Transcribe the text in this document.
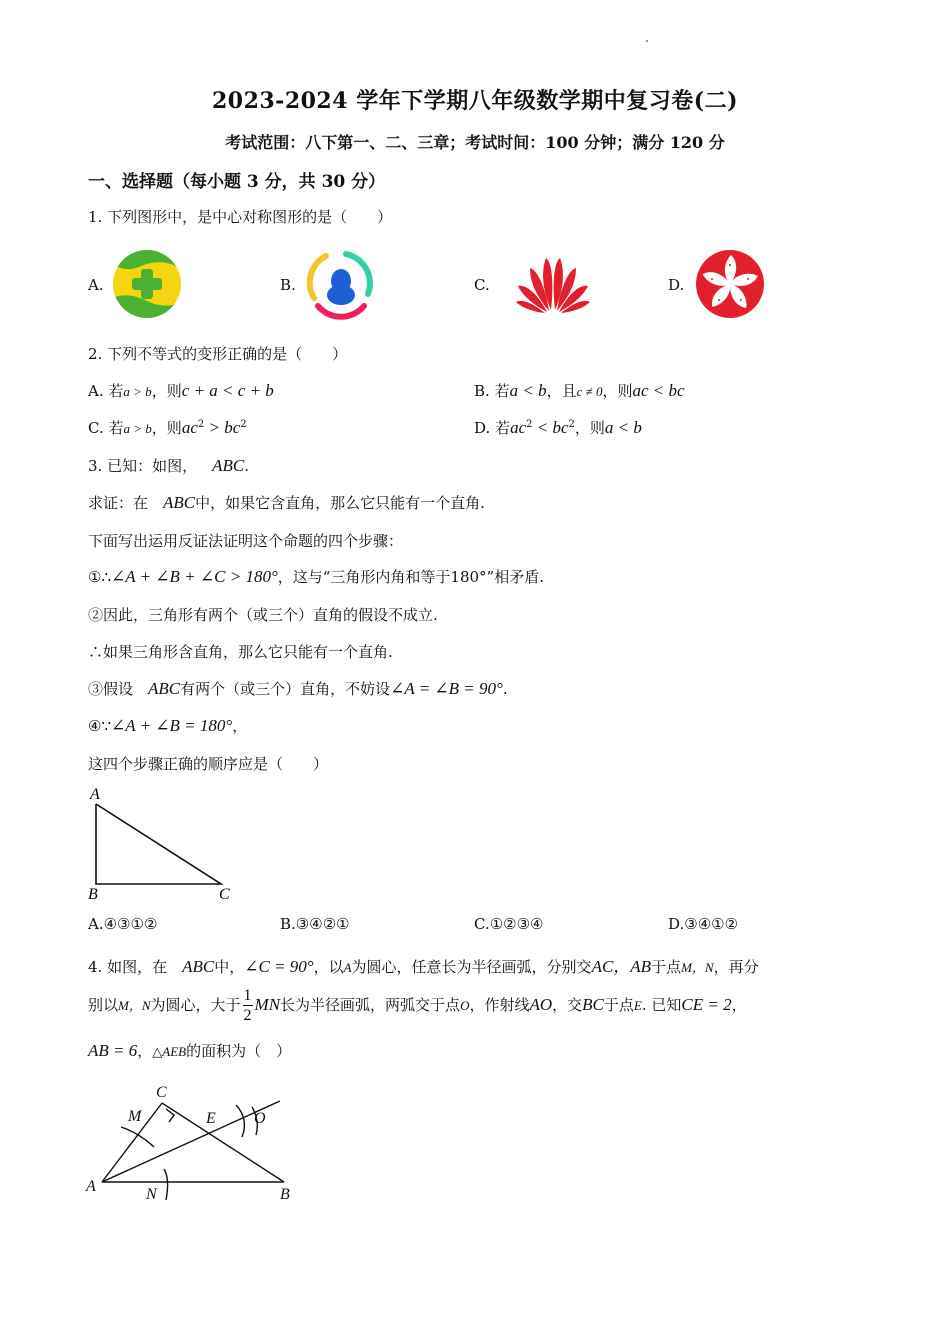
2023-2024 学年下学期八年级数学期中复习卷(二)
考试范围：八下第一、二、三章；考试时间：100 分钟；满分 120 分
一、选择题（每小题 3 分，共 30 分）
1. 下列图形中，是中心对称图形的是（　　）
A.	B.	C.	D.
2. 下列不等式的变形正确的是（　　）
A. 若a > b，则c + a < c + b	B. 若a < b，且c ≠ 0，则ac < bc
C. 若a > b，则$ac^2 > bc^2$	D. 若$ac^2 < bc^2$，则a < b
3. 已知：如图，  ABC.
求证：在  ABC中，如果它含直角，那么它只能有一个直角.
下面写出运用反证法证明这个命题的四个步骤：
①∴∠A + ∠B + ∠C > 180°，这与“三角形内角和等于180°”相矛盾.
②因此，三角形有两个（或三个）直角的假设不成立.
∴如果三角形含直角，那么它只能有一个直角.
③假设  ABC有两个（或三个）直角，不妨设∠A = ∠B = 90°.
④∵∠A + ∠B = 180°，
这四个步骤正确的顺序应是（　　）
A
B	C
A.④③①②	B.③④②①	C.①②③④	D.③④①②
4. 如图，在  ABC中，∠C = 90°，以A为圆心，任意长为半径画弧，分别交AC，AB于点M，N，再分
别以M，N为圆心，大于 $\frac{1}{2}$ MN长为半径画弧，两弧交于点O，作射线AO，交BC于点E. 已知CE = 2，
AB = 6，△AEB的面积为（　）
C
M	E O
A	N	B
